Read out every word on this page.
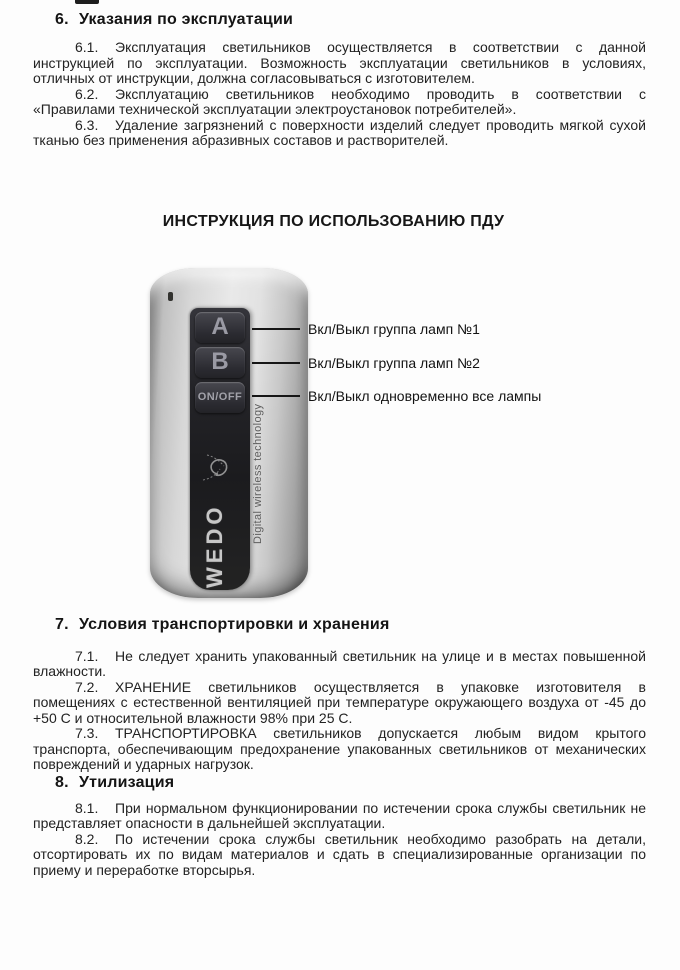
6. Указания по эксплуатации

6.1. Эксплуатация светильников осуществляется в соответствии с данной инструкцией по эксплуатации. Возможность эксплуатации светильников в условиях, отличных от инструкции, должна согласовываться с изготовителем.

6.2. Эксплуатацию светильников необходимо проводить в соответствии с «Правилами технической эксплуатации электроустановок потребителей».

6.3. Удаление загрязнений с поверхности изделий следует проводить мягкой сухой тканью без применения абразивных составов и растворителей.

ИНСТРУКЦИЯ ПО ИСПОЛЬЗОВАНИЮ ПДУ
A
B
ON/OFF
WEDO
Digital wireless technology
Вкл/Выкл группа ламп №1
Вкл/Выкл группа ламп №2
Вкл/Выкл одновременно все лампы
7. Условия транспортировки и хранения

7.1. Не следует хранить упакованный светильник на улице и в местах повышенной влажности.

7.2. ХРАНЕНИЕ светильников осуществляется в упаковке изготовителя в помещениях с естественной вентиляцией при температуре окружающего воздуха от -45 до +50 С и относительной влажности 98% при 25 С.

7.3. ТРАНСПОРТИРОВКА светильников допускается любым видом крытого транспорта, обеспечивающим предохранение упакованных светильников от механических повреждений и ударных нагрузок.

8. Утилизация

8.1. При нормальном функционировании по истечении срока службы светильник не представляет опасности в дальнейшей эксплуатации.

8.2. По истечении срока службы светильник необходимо разобрать на детали, отсортировать их по видам материалов и сдать в специализированные организации по приему и переработке вторсырья.
